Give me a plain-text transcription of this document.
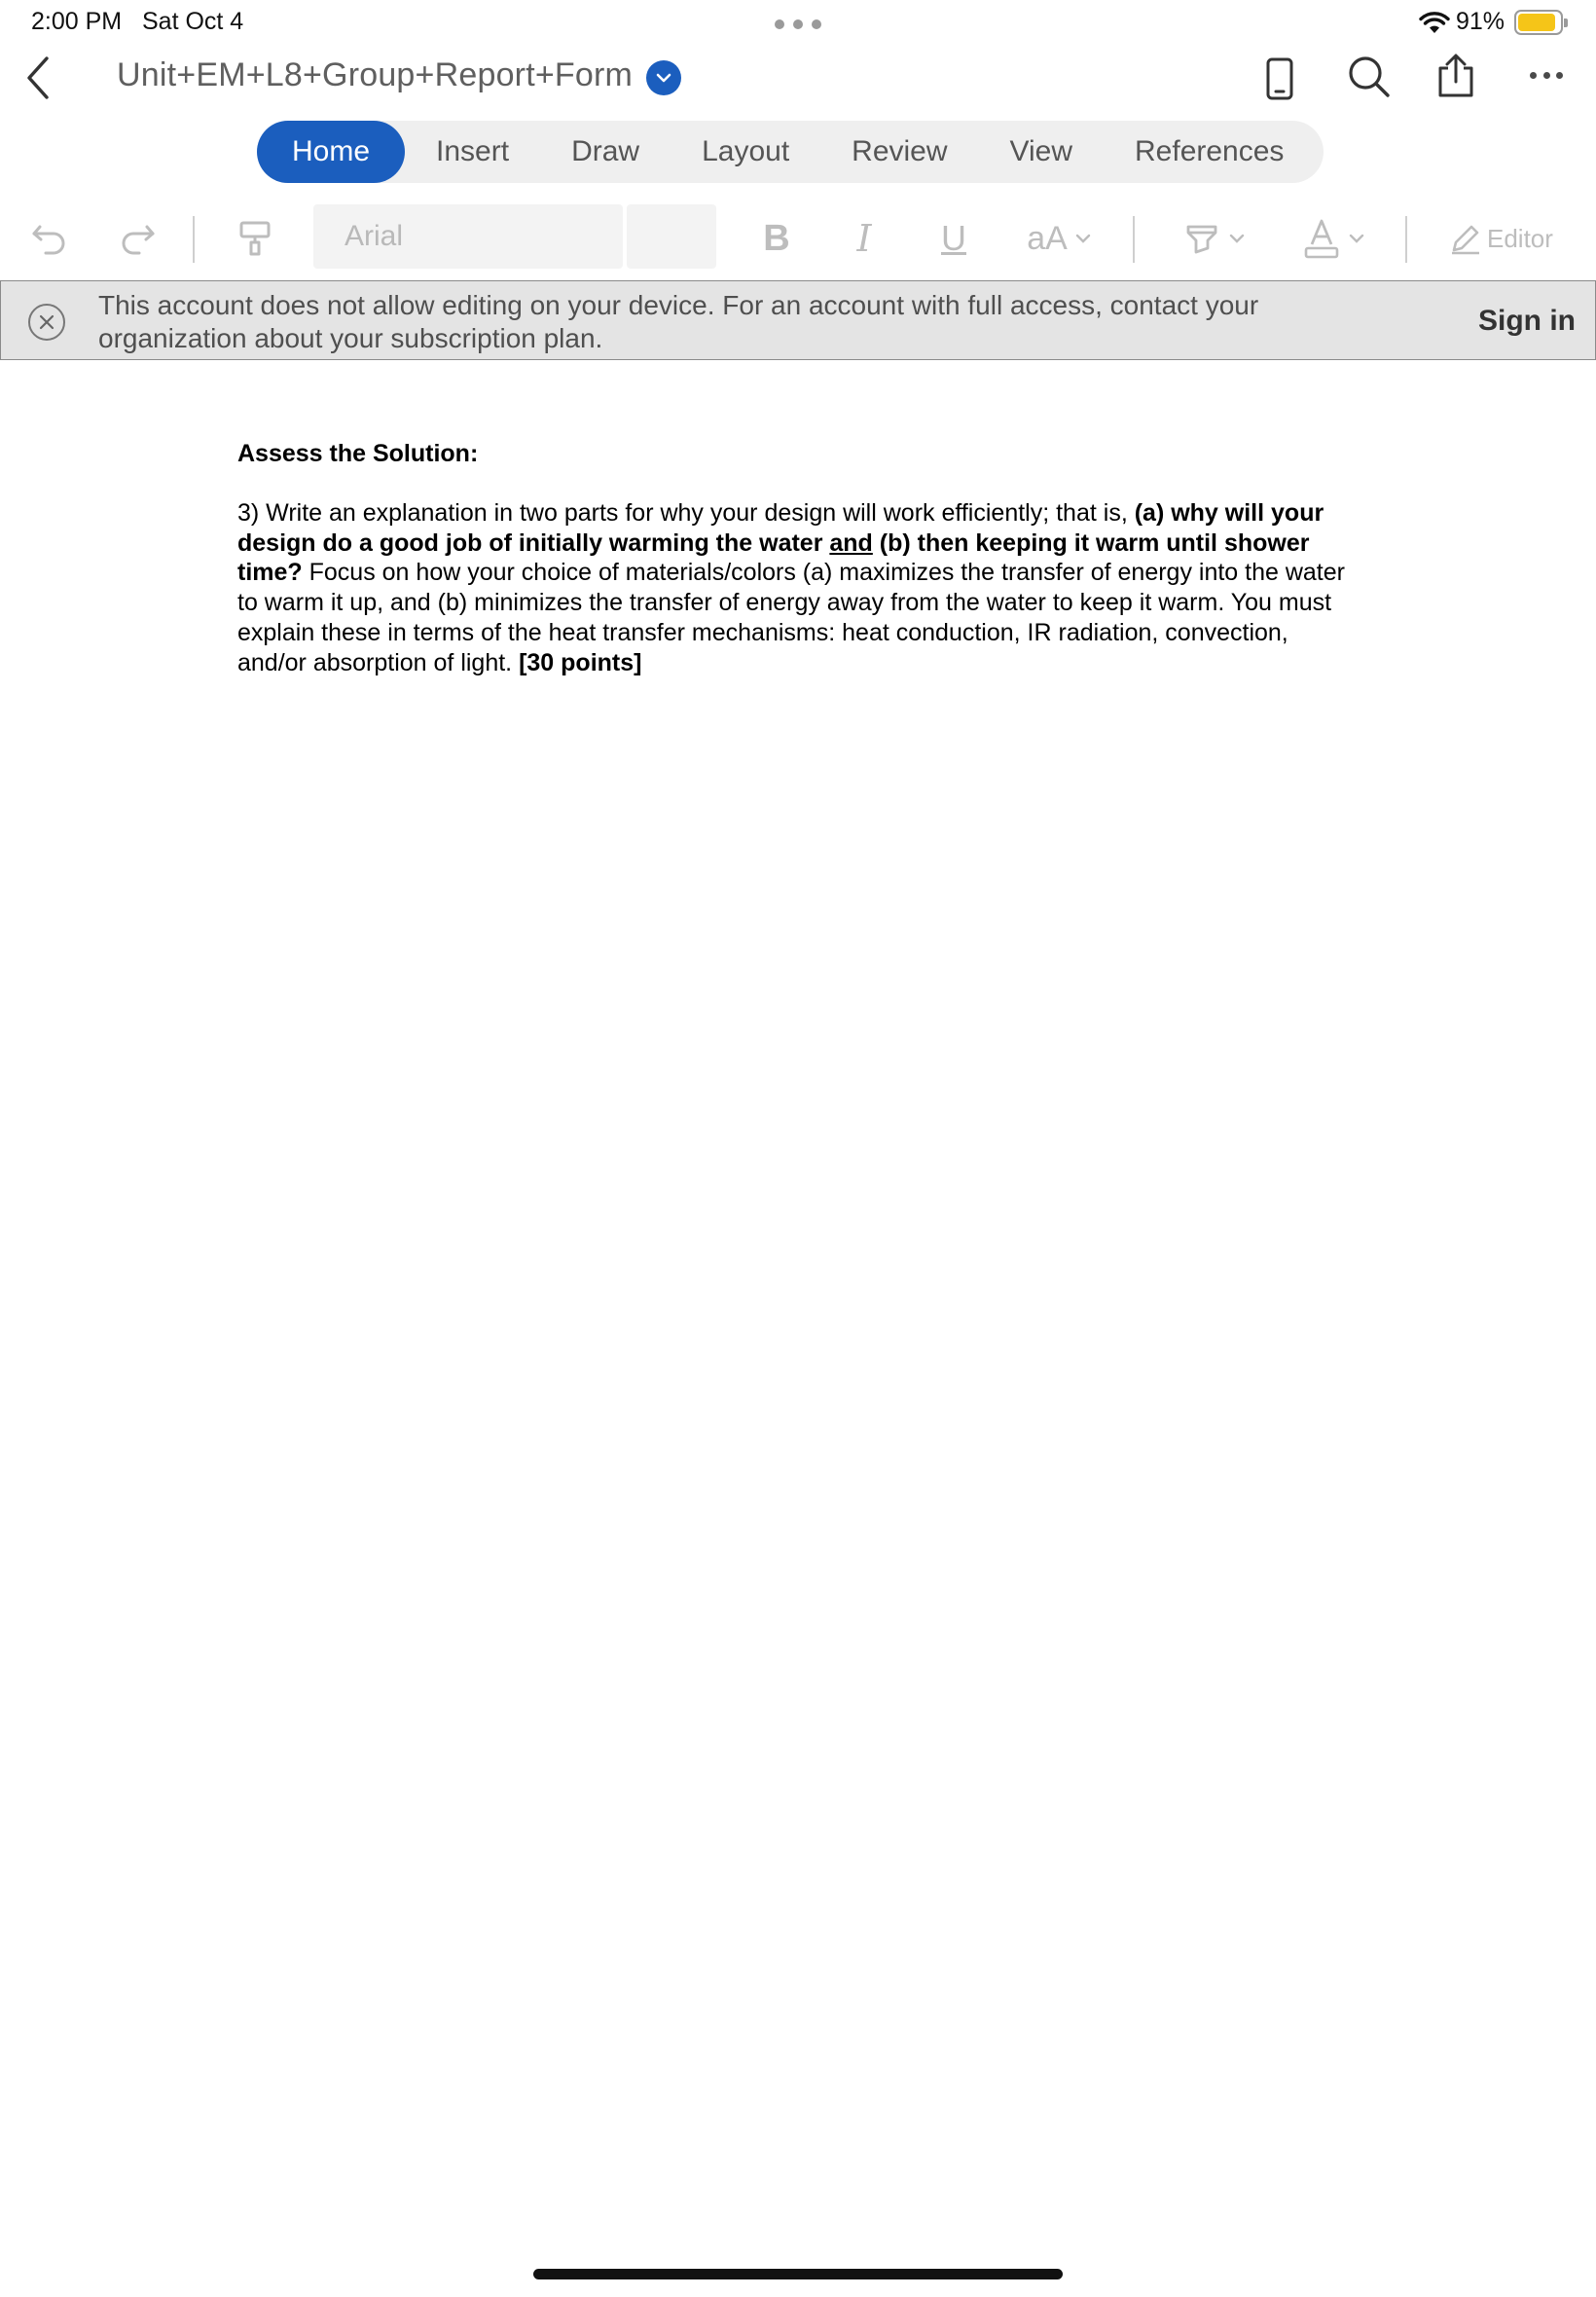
2:00 PM Sat Oct 4	91%
Unit+EM+L8+Group+Report+Form
Home	Insert	Draw	Layout	Review	View	References
Arial	B	I	U aA	Editor
This account does not allow editing on your device. For an account with full access, contact your organization about your subscription plan.
Sign in
Assess the Solution:

3) Write an explanation in two parts for why your design will work efficiently; that is, (a) why will your design do a good job of initially warming the water and (b) then keeping it warm until shower time? Focus on how your choice of materials/colors (a) maximizes the transfer of energy into the water to warm it up, and (b) minimizes the transfer of energy away from the water to keep it warm. You must explain these in terms of the heat transfer mechanisms: heat conduction, IR radiation, convection, and/or absorption of light. [30 points]
